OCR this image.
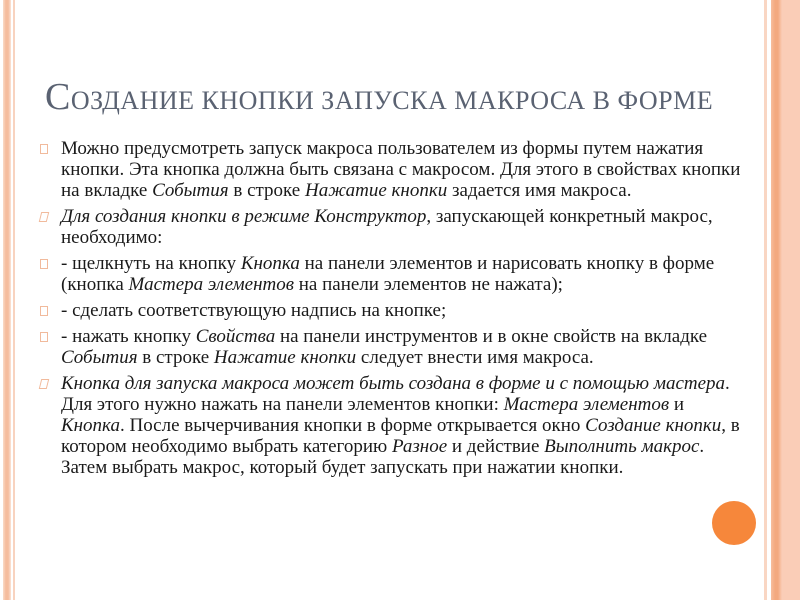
СОЗДАНИЕ КНОПКИ ЗАПУСКА МАКРОСА В ФОРМЕ
Можно предусмотреть запуск макроса пользователем из формы путем нажатия кнопки. Эта кнопка должна быть связана с макросом. Для этого в свойствах кнопки на вкладке События в строке Нажатие кнопки задается имя макроса.
Для создания кнопки в режиме Конструктор, запускающей конкретный макрос, необходимо:
- щелкнуть на кнопку Кнопка на панели элементов и нарисовать кнопку в форме (кнопка Мастера элементов на панели элементов не нажата);
- сделать соответствующую надпись на кнопке;
- нажать кнопку Свойства на панели инструментов и в окне свойств на вкладке События в строке Нажатие кнопки следует внести имя макроса.
Кнопка для запуска макроса может быть создана в форме и с помощью мастера. Для этого нужно нажать на панели элементов кнопки: Мастера элементов и Кнопка. После вычерчивания кнопки в форме открывается окно Создание кнопки, в котором необходимо выбрать категорию Разное и действие Выполнить макрос. Затем выбрать макрос, который будет запускать при нажатии кнопки.
